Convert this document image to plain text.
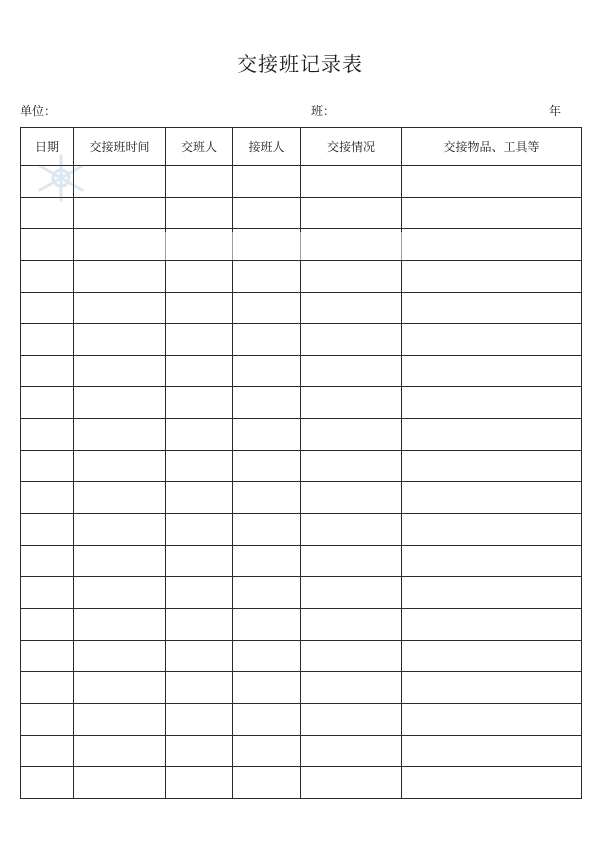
交接班记录表
单位：	班：	年
日期	交接班时间	交班人	接班人	交接情况	交接物品、工具等
